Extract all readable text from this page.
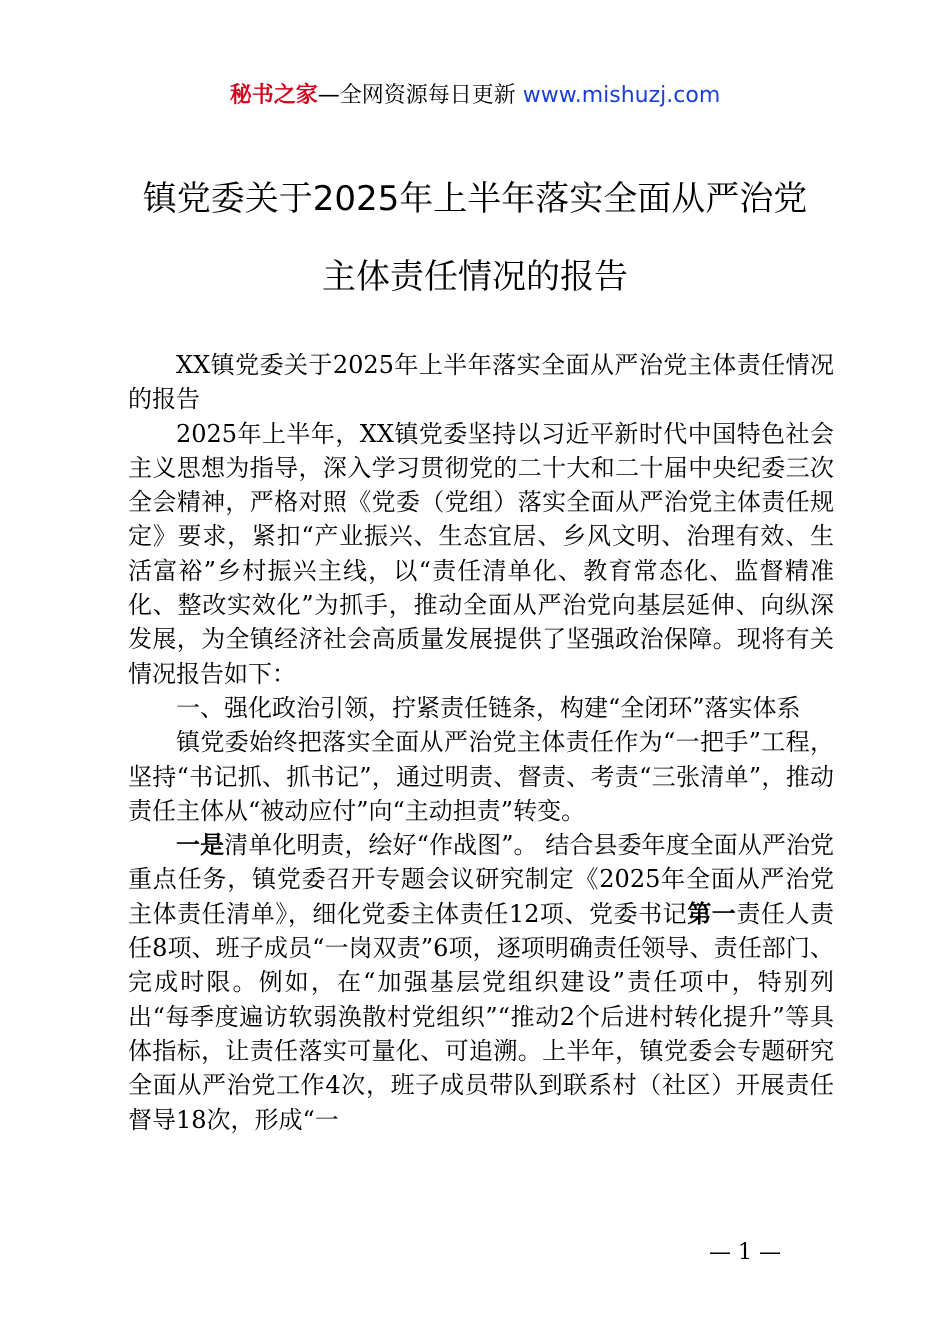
秘书之家—全网资源每日更新 www.mishuzj.com
镇党委关于2025年上半年落实全面从严治党
主体责任情况的报告

XX镇党委关于2025年上半年落实全面从严治党主体责任情况的报告

2025年上半年，XX镇党委坚持以习近平新时代中国特色社会主义思想为指导，深入学习贯彻党的二十大和二十届中央纪委三次全会精神，严格对照《党委（党组）落实全面从严治党主体责任规定》要求，紧扣“产业振兴、生态宜居、乡风文明、治理有效、生活富裕”乡村振兴主线，以“责任清单化、教育常态化、监督精准化、整改实效化”为抓手，推动全面从严治党向基层延伸、向纵深发展，为全镇经济社会高质量发展提供了坚强政治保障。现将有关情况报告如下：

一、强化政治引领，拧紧责任链条，构建“全闭环”落实体系

镇党委始终把落实全面从严治党主体责任作为“一把手”工程，坚持“书记抓、抓书记”，通过明责、督责、考责“三张清单”，推动责任主体从“被动应付”向“主动担责”转变。

一是清单化明责，绘好“作战图”。 结合县委年度全面从严治党重点任务，镇党委召开专题会议研究制定《2025年全面从严治党主体责任清单》，细化党委主体责任12项、党委书记第一责任人责任8项、班子成员“一岗双责”6项，逐项明确责任领导、责任部门、完成时限。例如，在“加强基层党组织建设”责任项中，特别列出“每季度遍访软弱涣散村党组织”“推动2个后进村转化提升”等具体指标，让责任落实可量化、可追溯。上半年，镇党委会专题研究全面从严治党工作4次，班子成员带队到联系村（社区）开展责任督导18次，形成“一

— 1 —
